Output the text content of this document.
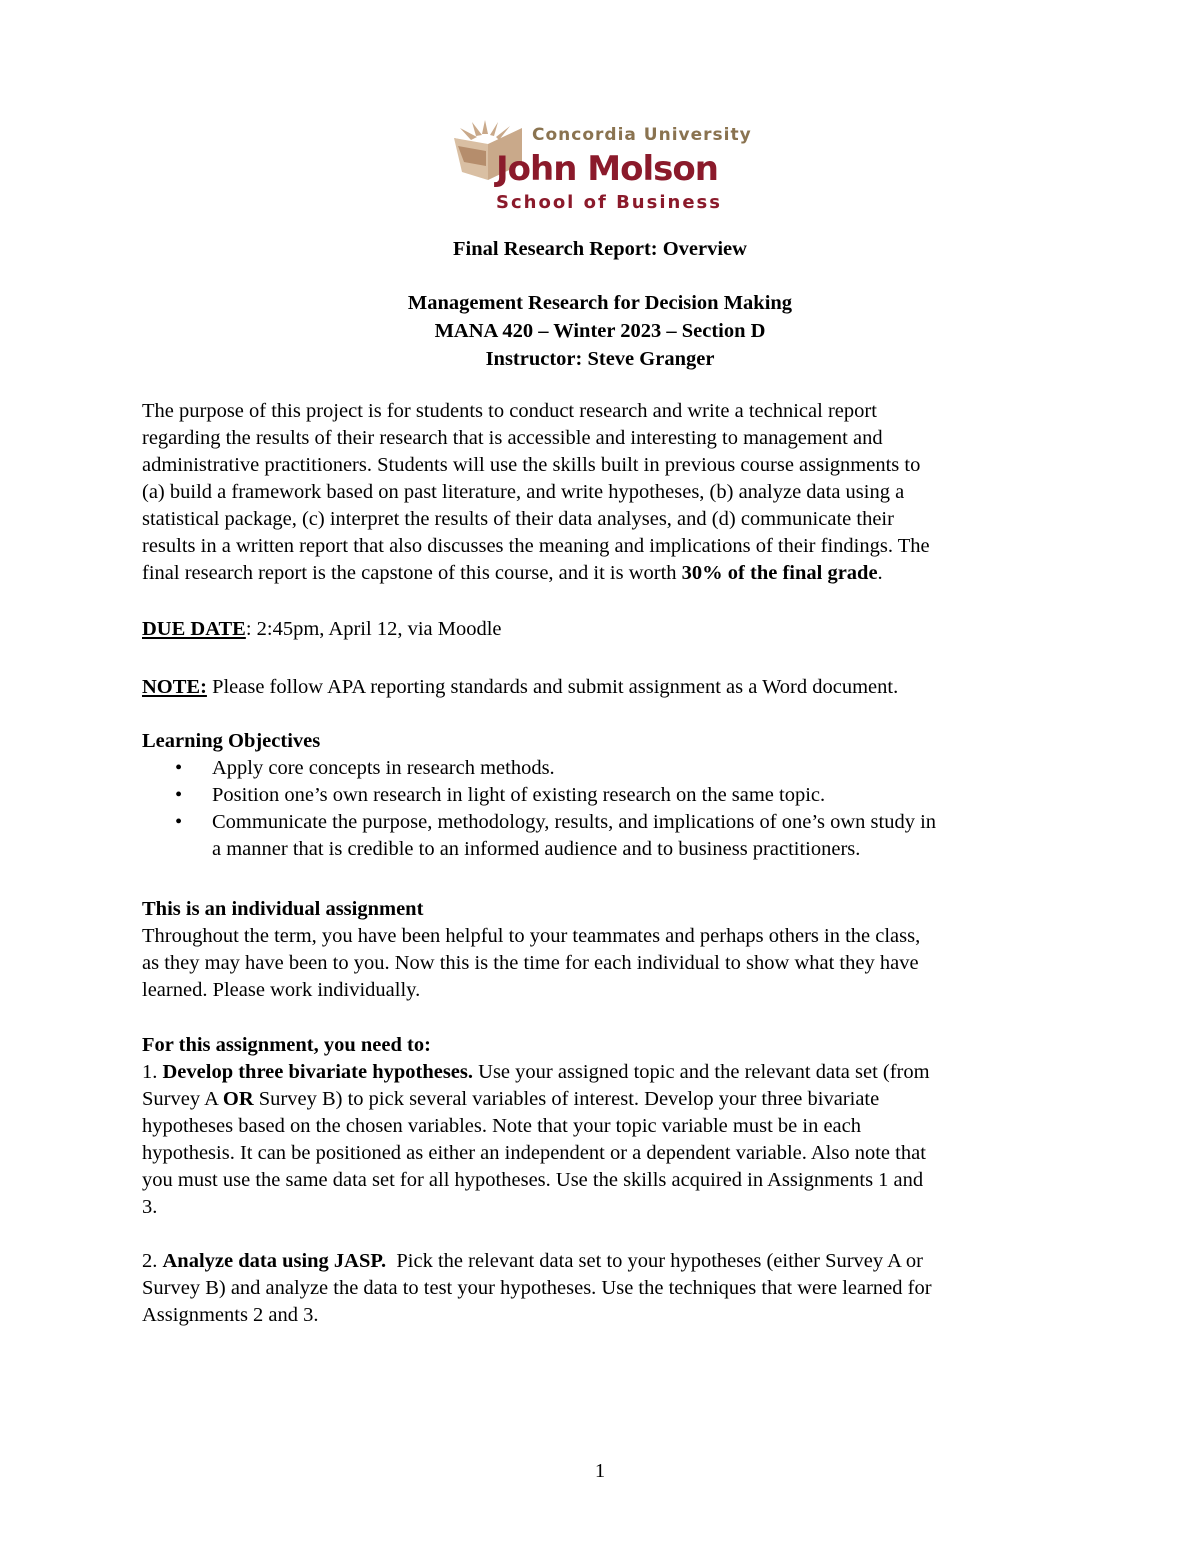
Concordia University
John Molson
School of Business
Final Research Report: Overview
Management Research for Decision Making
MANA 420 – Winter 2023 – Section D
Instructor: Steve Granger

The purpose of this project is for students to conduct research and write a technical report

regarding the results of their research that is accessible and interesting to management and

administrative practitioners. Students will use the skills built in previous course assignments to

(a) build a framework based on past literature, and write hypotheses, (b) analyze data using a

statistical package, (c) interpret the results of their data analyses, and (d) communicate their

results in a written report that also discusses the meaning and implications of their findings. The

final research report is the capstone of this course, and it is worth 30% of the final grade.

DUE DATE: 2:45pm, April 12, via Moodle
NOTE: Please follow APA reporting standards and submit assignment as a Word document.

Learning Objectives

• Apply core concepts in research methods.
• Position one’s own research in light of existing research on the same topic.
• Communicate the purpose, methodology, results, and implications of one’s own study in
a manner that is credible to an informed audience and to business practitioners.

This is an individual assignment

Throughout the term, you have been helpful to your teammates and perhaps others in the class,

as they may have been to you. Now this is the time for each individual to show what they have

learned. Please work individually.

For this assignment, you need to:

1. Develop three bivariate hypotheses. Use your assigned topic and the relevant data set (from

Survey A OR Survey B) to pick several variables of interest. Develop your three bivariate

hypotheses based on the chosen variables. Note that your topic variable must be in each

hypothesis. It can be positioned as either an independent or a dependent variable. Also note that

you must use the same data set for all hypotheses. Use the skills acquired in Assignments 1 and

3.

2. Analyze data using JASP.  Pick the relevant data set to your hypotheses (either Survey A or

Survey B) and analyze the data to test your hypotheses. Use the techniques that were learned for

Assignments 2 and 3.

1
